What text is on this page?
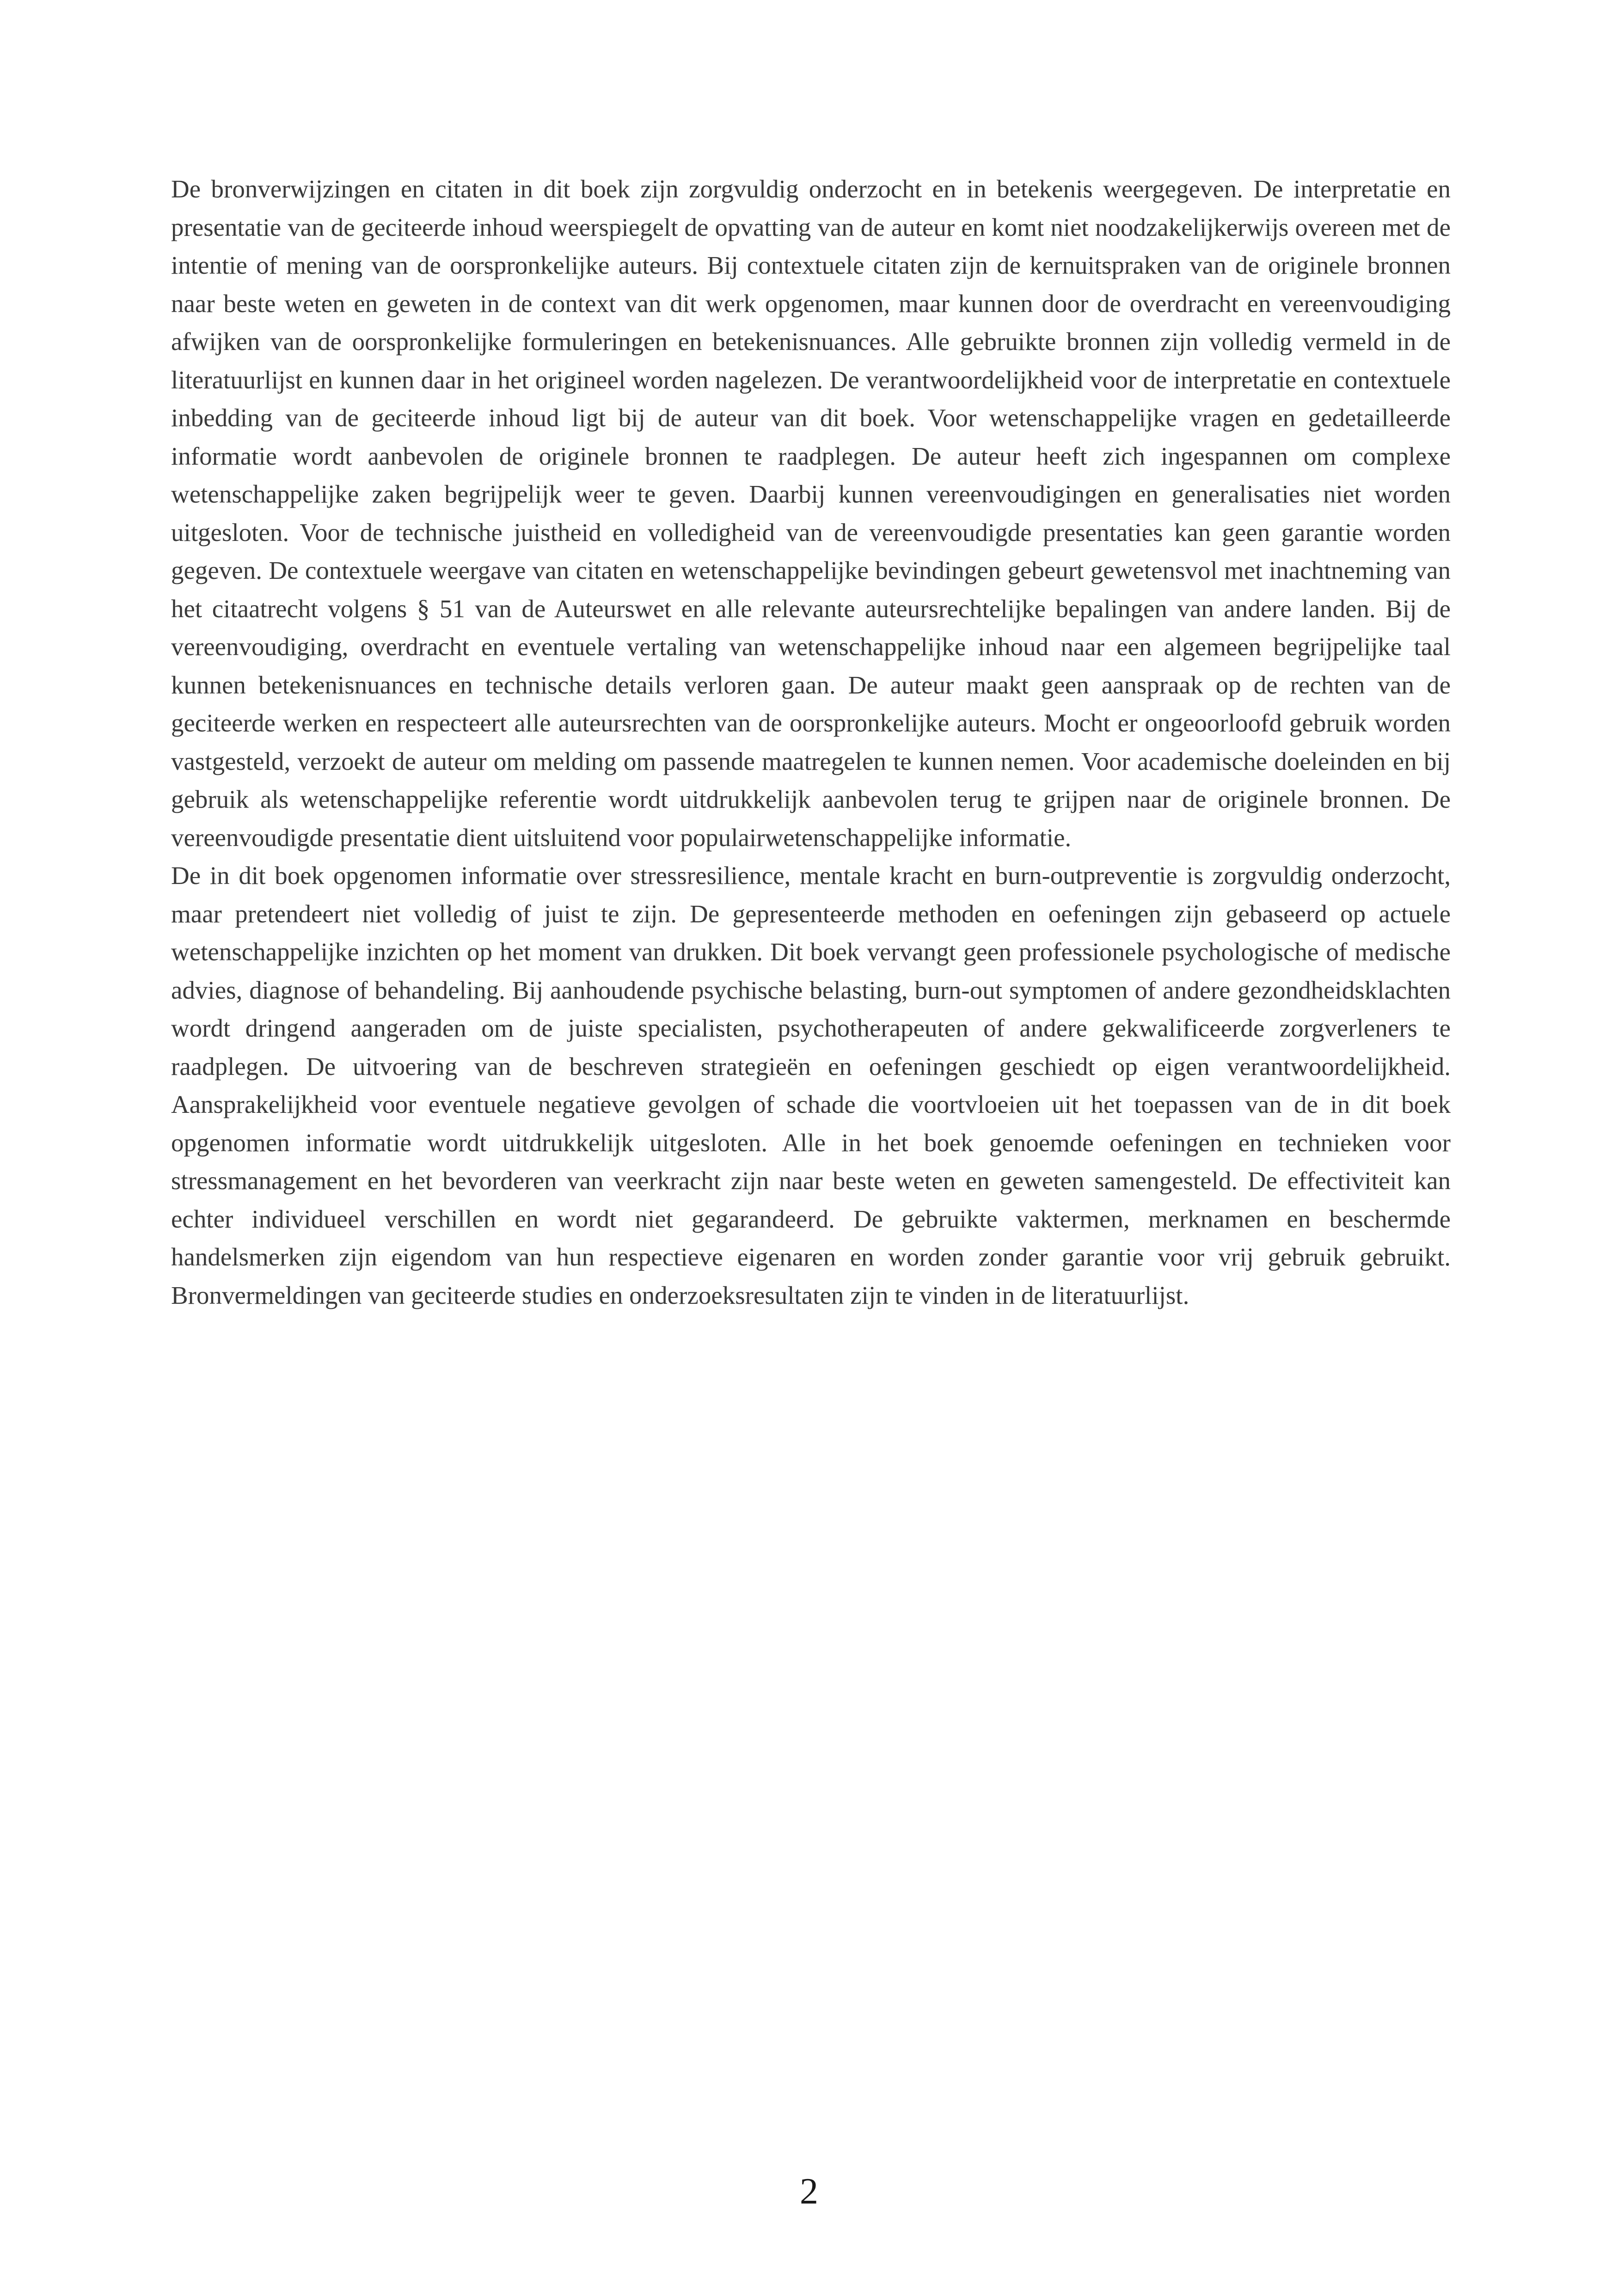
De bronverwijzingen en citaten in dit boek zijn zorgvuldig onderzocht en in betekenis weergegeven. De interpretatie en presentatie van de geciteerde inhoud weerspiegelt de opvatting van de auteur en komt niet noodzakelijkerwijs overeen met de intentie of mening van de oorspronkelijke auteurs. Bij contextuele citaten zijn de kernuitspraken van de originele bronnen naar beste weten en geweten in de context van dit werk opgenomen, maar kunnen door de overdracht en vereenvoudiging afwijken van de oorspronkelijke formuleringen en betekenisnuances. Alle gebruikte bronnen zijn volledig vermeld in de literatuurlijst en kunnen daar in het origineel worden nagelezen. De verantwoordelijkheid voor de interpretatie en contextuele inbedding van de geciteerde inhoud ligt bij de auteur van dit boek. Voor wetenschappelijke vragen en gedetailleerde informatie wordt aanbevolen de originele bronnen te raadplegen. De auteur heeft zich ingespannen om complexe wetenschappelijke zaken begrijpelijk weer te geven. Daarbij kunnen vereenvoudigingen en generalisaties niet worden uitgesloten. Voor de technische juistheid en volledigheid van de vereenvoudigde presentaties kan geen garantie worden gegeven. De contextuele weergave van citaten en wetenschappelijke bevindingen gebeurt gewetensvol met inachtneming van het citaatrecht volgens § 51 van de Auteurswet en alle relevante auteursrechtelijke bepalingen van andere landen. Bij de vereenvoudiging, overdracht en eventuele vertaling van wetenschappelijke inhoud naar een algemeen begrijpelijke taal kunnen betekenisnuances en technische details verloren gaan. De auteur maakt geen aanspraak op de rechten van de geciteerde werken en respecteert alle auteursrechten van de oorspronkelijke auteurs. Mocht er ongeoorloofd gebruik worden vastgesteld, verzoekt de auteur om melding om passende maatregelen te kunnen nemen. Voor academische doeleinden en bij gebruik als wetenschappelijke referentie wordt uitdrukkelijk aanbevolen terug te grijpen naar de originele bronnen. De vereenvoudigde presentatie dient uitsluitend voor populairwetenschappelijke informatie.

De in dit boek opgenomen informatie over stressresilience, mentale kracht en burn-outpreventie is zorgvuldig onderzocht, maar pretendeert niet volledig of juist te zijn. De gepresenteerde methoden en oefeningen zijn gebaseerd op actuele wetenschappelijke inzichten op het moment van drukken. Dit boek vervangt geen professionele psychologische of medische advies, diagnose of behandeling. Bij aanhoudende psychische belasting, burn-out symptomen of andere gezondheidsklachten wordt dringend aangeraden om de juiste specialisten, psychotherapeuten of andere gekwalificeerde zorgverleners te raadplegen. De uitvoering van de beschreven strategieën en oefeningen geschiedt op eigen verantwoordelijkheid. Aansprakelijkheid voor eventuele negatieve gevolgen of schade die voortvloeien uit het toepassen van de in dit boek opgenomen informatie wordt uitdrukkelijk uitgesloten. Alle in het boek genoemde oefeningen en technieken voor stressmanagement en het bevorderen van veerkracht zijn naar beste weten en geweten samengesteld. De effectiviteit kan echter individueel verschillen en wordt niet gegarandeerd. De gebruikte vaktermen, merknamen en beschermde handelsmerken zijn eigendom van hun respectieve eigenaren en worden zonder garantie voor vrij gebruik gebruikt. Bronvermeldingen van geciteerde studies en onderzoeksresultaten zijn te vinden in de literatuurlijst.

2
